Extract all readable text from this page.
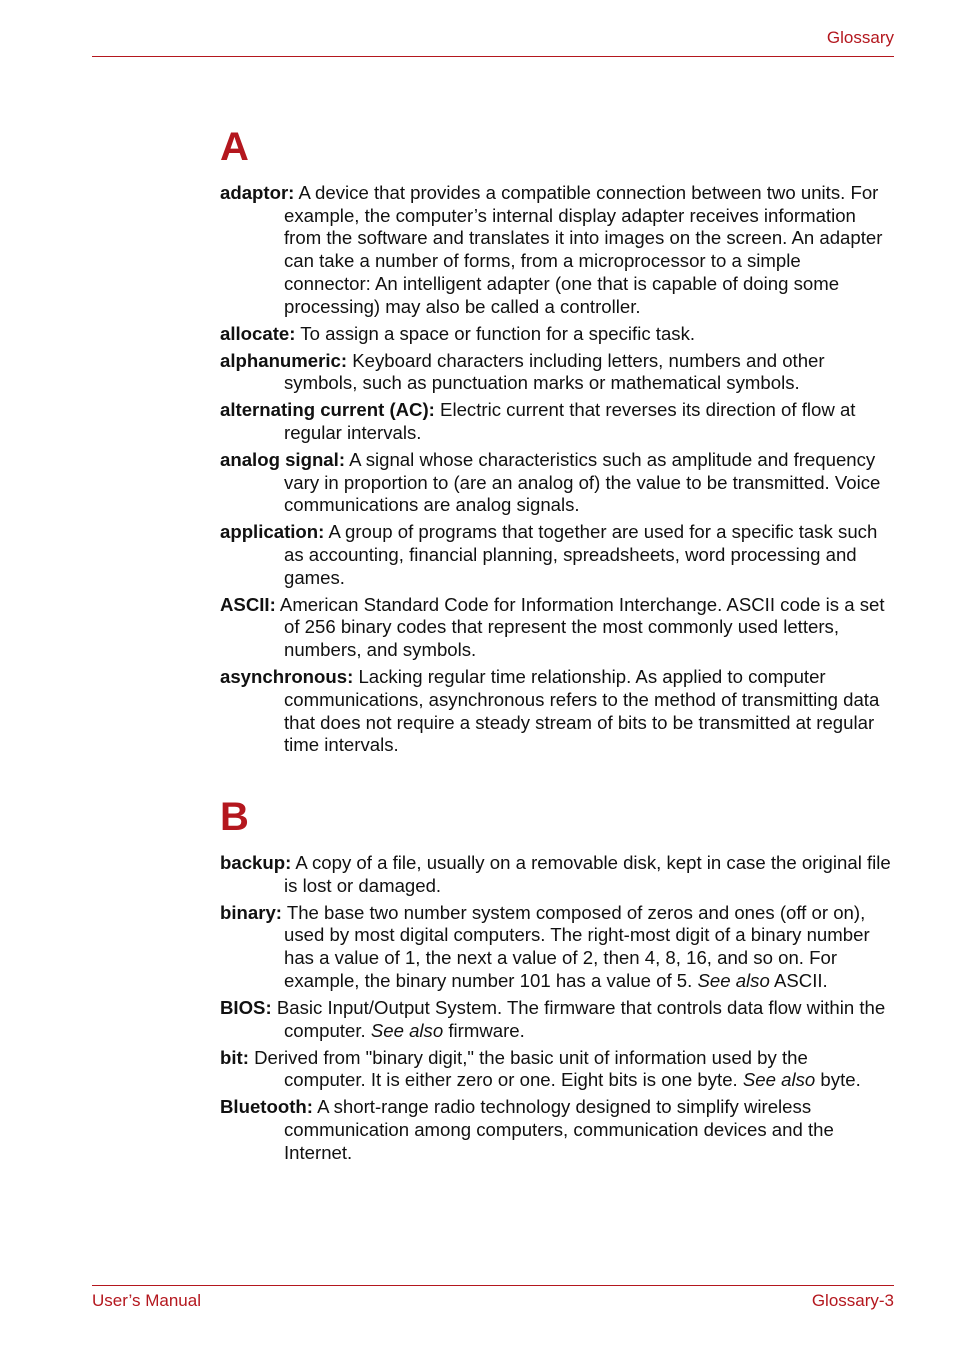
Glossary
A

adaptor: A device that provides a compatible connection between two units. For example, the computer’s internal display adapter receives information from the software and translates it into images on the screen. An adapter can take a number of forms, from a microprocessor to a simple connector: An intelligent adapter (one that is capable of doing some processing) may also be called a controller.

allocate: To assign a space or function for a specific task.

alphanumeric: Keyboard characters including letters, numbers and other symbols, such as punctuation marks or mathematical symbols.

alternating current (AC): Electric current that reverses its direction of flow at regular intervals.

analog signal: A signal whose characteristics such as amplitude and frequency vary in proportion to (are an analog of) the value to be transmitted. Voice communications are analog signals.

application: A group of programs that together are used for a specific task such as accounting, financial planning, spreadsheets, word processing and games.

ASCII: American Standard Code for Information Interchange. ASCII code is a set of 256 binary codes that represent the most commonly used letters, numbers, and symbols.

asynchronous: Lacking regular time relationship. As applied to computer communications, asynchronous refers to the method of transmitting data that does not require a steady stream of bits to be transmitted at regular time intervals.

B

backup: A copy of a file, usually on a removable disk, kept in case the original file is lost or damaged.

binary: The base two number system composed of zeros and ones (off or on), used by most digital computers. The right-most digit of a binary number has a value of 1, the next a value of 2, then 4, 8, 16, and so on. For example, the binary number 101 has a value of 5. See also ASCII.

BIOS: Basic Input/Output System. The firmware that controls data flow within the computer. See also firmware.

bit: Derived from "binary digit," the basic unit of information used by the computer. It is either zero or one. Eight bits is one byte. See also byte.

Bluetooth: A short-range radio technology designed to simplify wireless communication among computers, communication devices and the Internet.

User’s Manual	Glossary-3
